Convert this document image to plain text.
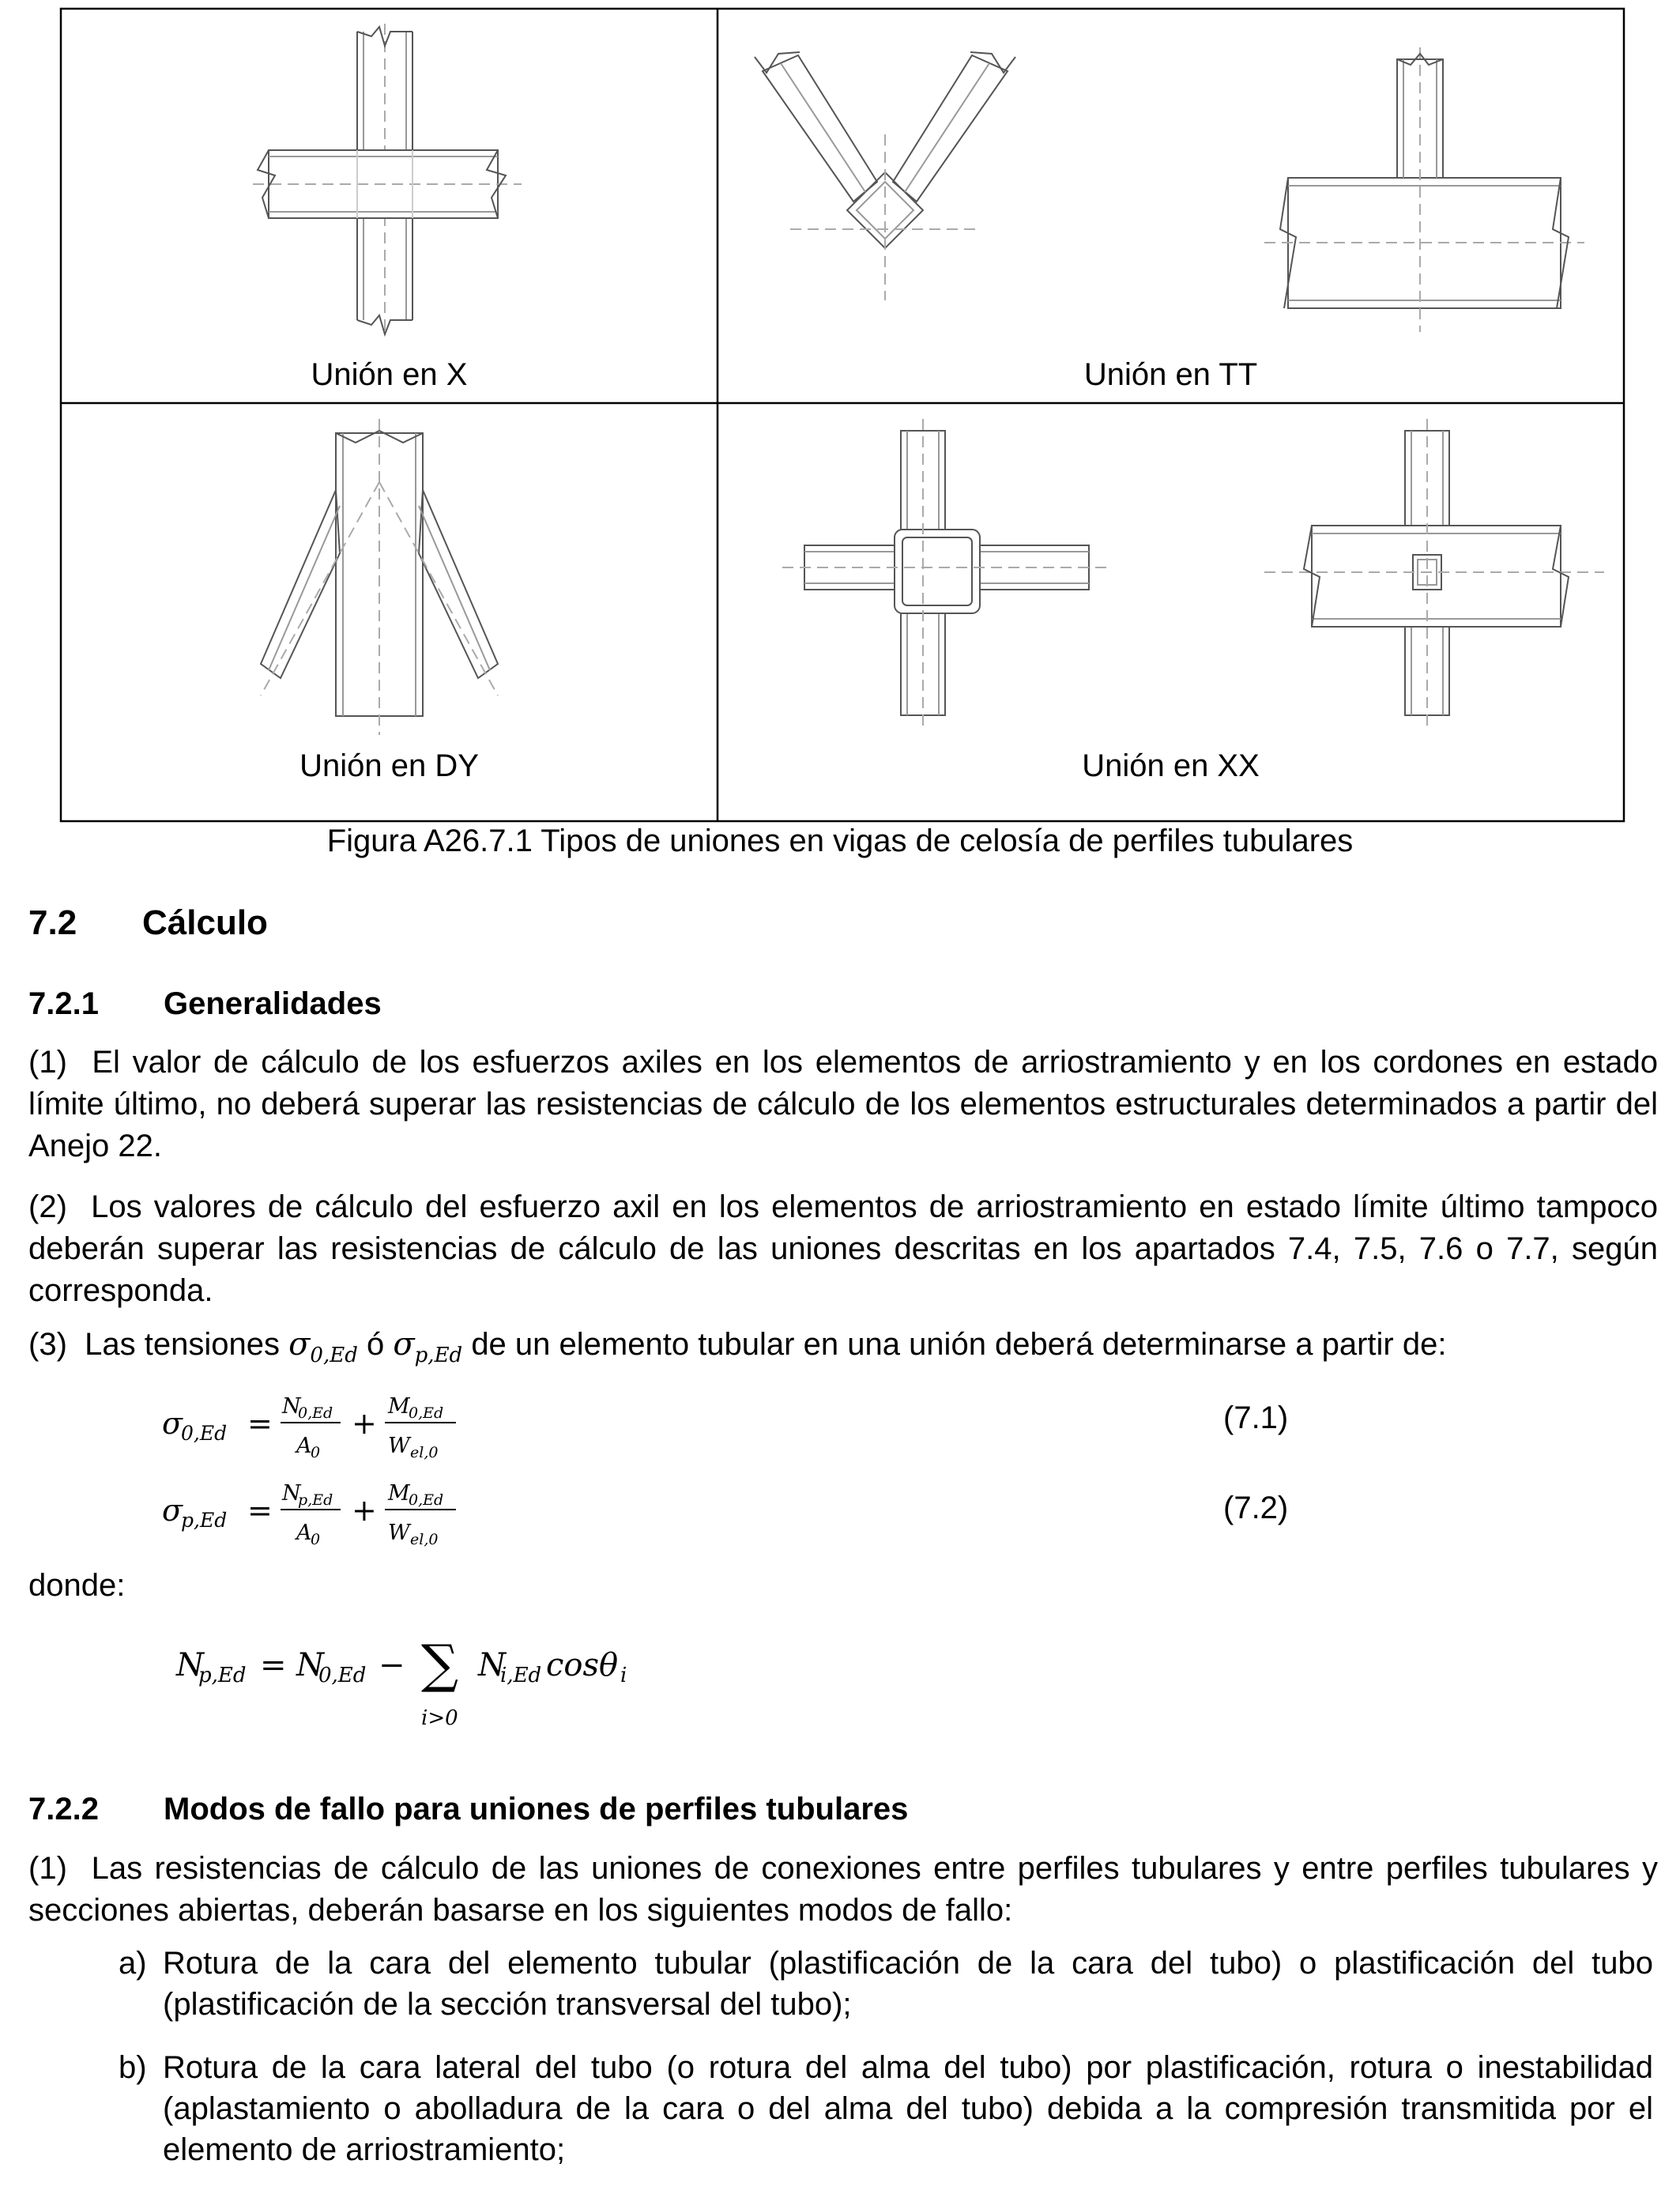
Unión en X	Unión en TT
Unión en DY	Unión en XX
Figura A26.7.1 Tipos de uniones en vigas de celosía de perfiles tubulares
7.2 Cálculo
7.2.1 Generalidades
(1) El valor de cálculo de los esfuerzos axiles en los elementos de arriostramiento y en los cordones en estado límite último, no deberá superar las resistencias de cálculo de los elementos estructurales determinados a partir del Anejo 22.
(2) Los valores de cálculo del esfuerzo axil en los elementos de arriostramiento en estado límite último tampoco deberán superar las resistencias de cálculo de las uniones descritas en los apartados 7.4, 7.5, 7.6 o 7.7, según corresponda.
(3) Las tensiones $\sigma_{0,Ed}$ ó $\sigma_{p,Ed}$ de un elemento tubular en una unión deberá determinarse a partir de:
σ
0,Ed = N
0,Ed
A
0
+ M
0,Ed
W el,0
(7.1)
σ
p,Ed = N
p,Ed
A
0
+ M
0,Ed
W el,0
(7.2)
donde:
N
p,Ed = N
0,Ed − ∑
i>0
N
i,Ed cosθ i
7.2.2 Modos de fallo para uniones de perfiles tubulares
(1) Las resistencias de cálculo de las uniones de conexiones entre perfiles tubulares y entre perfiles tubulares y secciones abiertas, deberán basarse en los siguientes modos de fallo:
a) Rotura de la cara del elemento tubular (plastificación de la cara del tubo) o plastificación del tubo (plastificación de la sección transversal del tubo);
b) Rotura de la cara lateral del tubo (o rotura del alma del tubo) por plastificación, rotura o inestabilidad (aplastamiento o abolladura de la cara o del alma del tubo) debida a la compresión transmitida por el elemento de arriostramiento;
